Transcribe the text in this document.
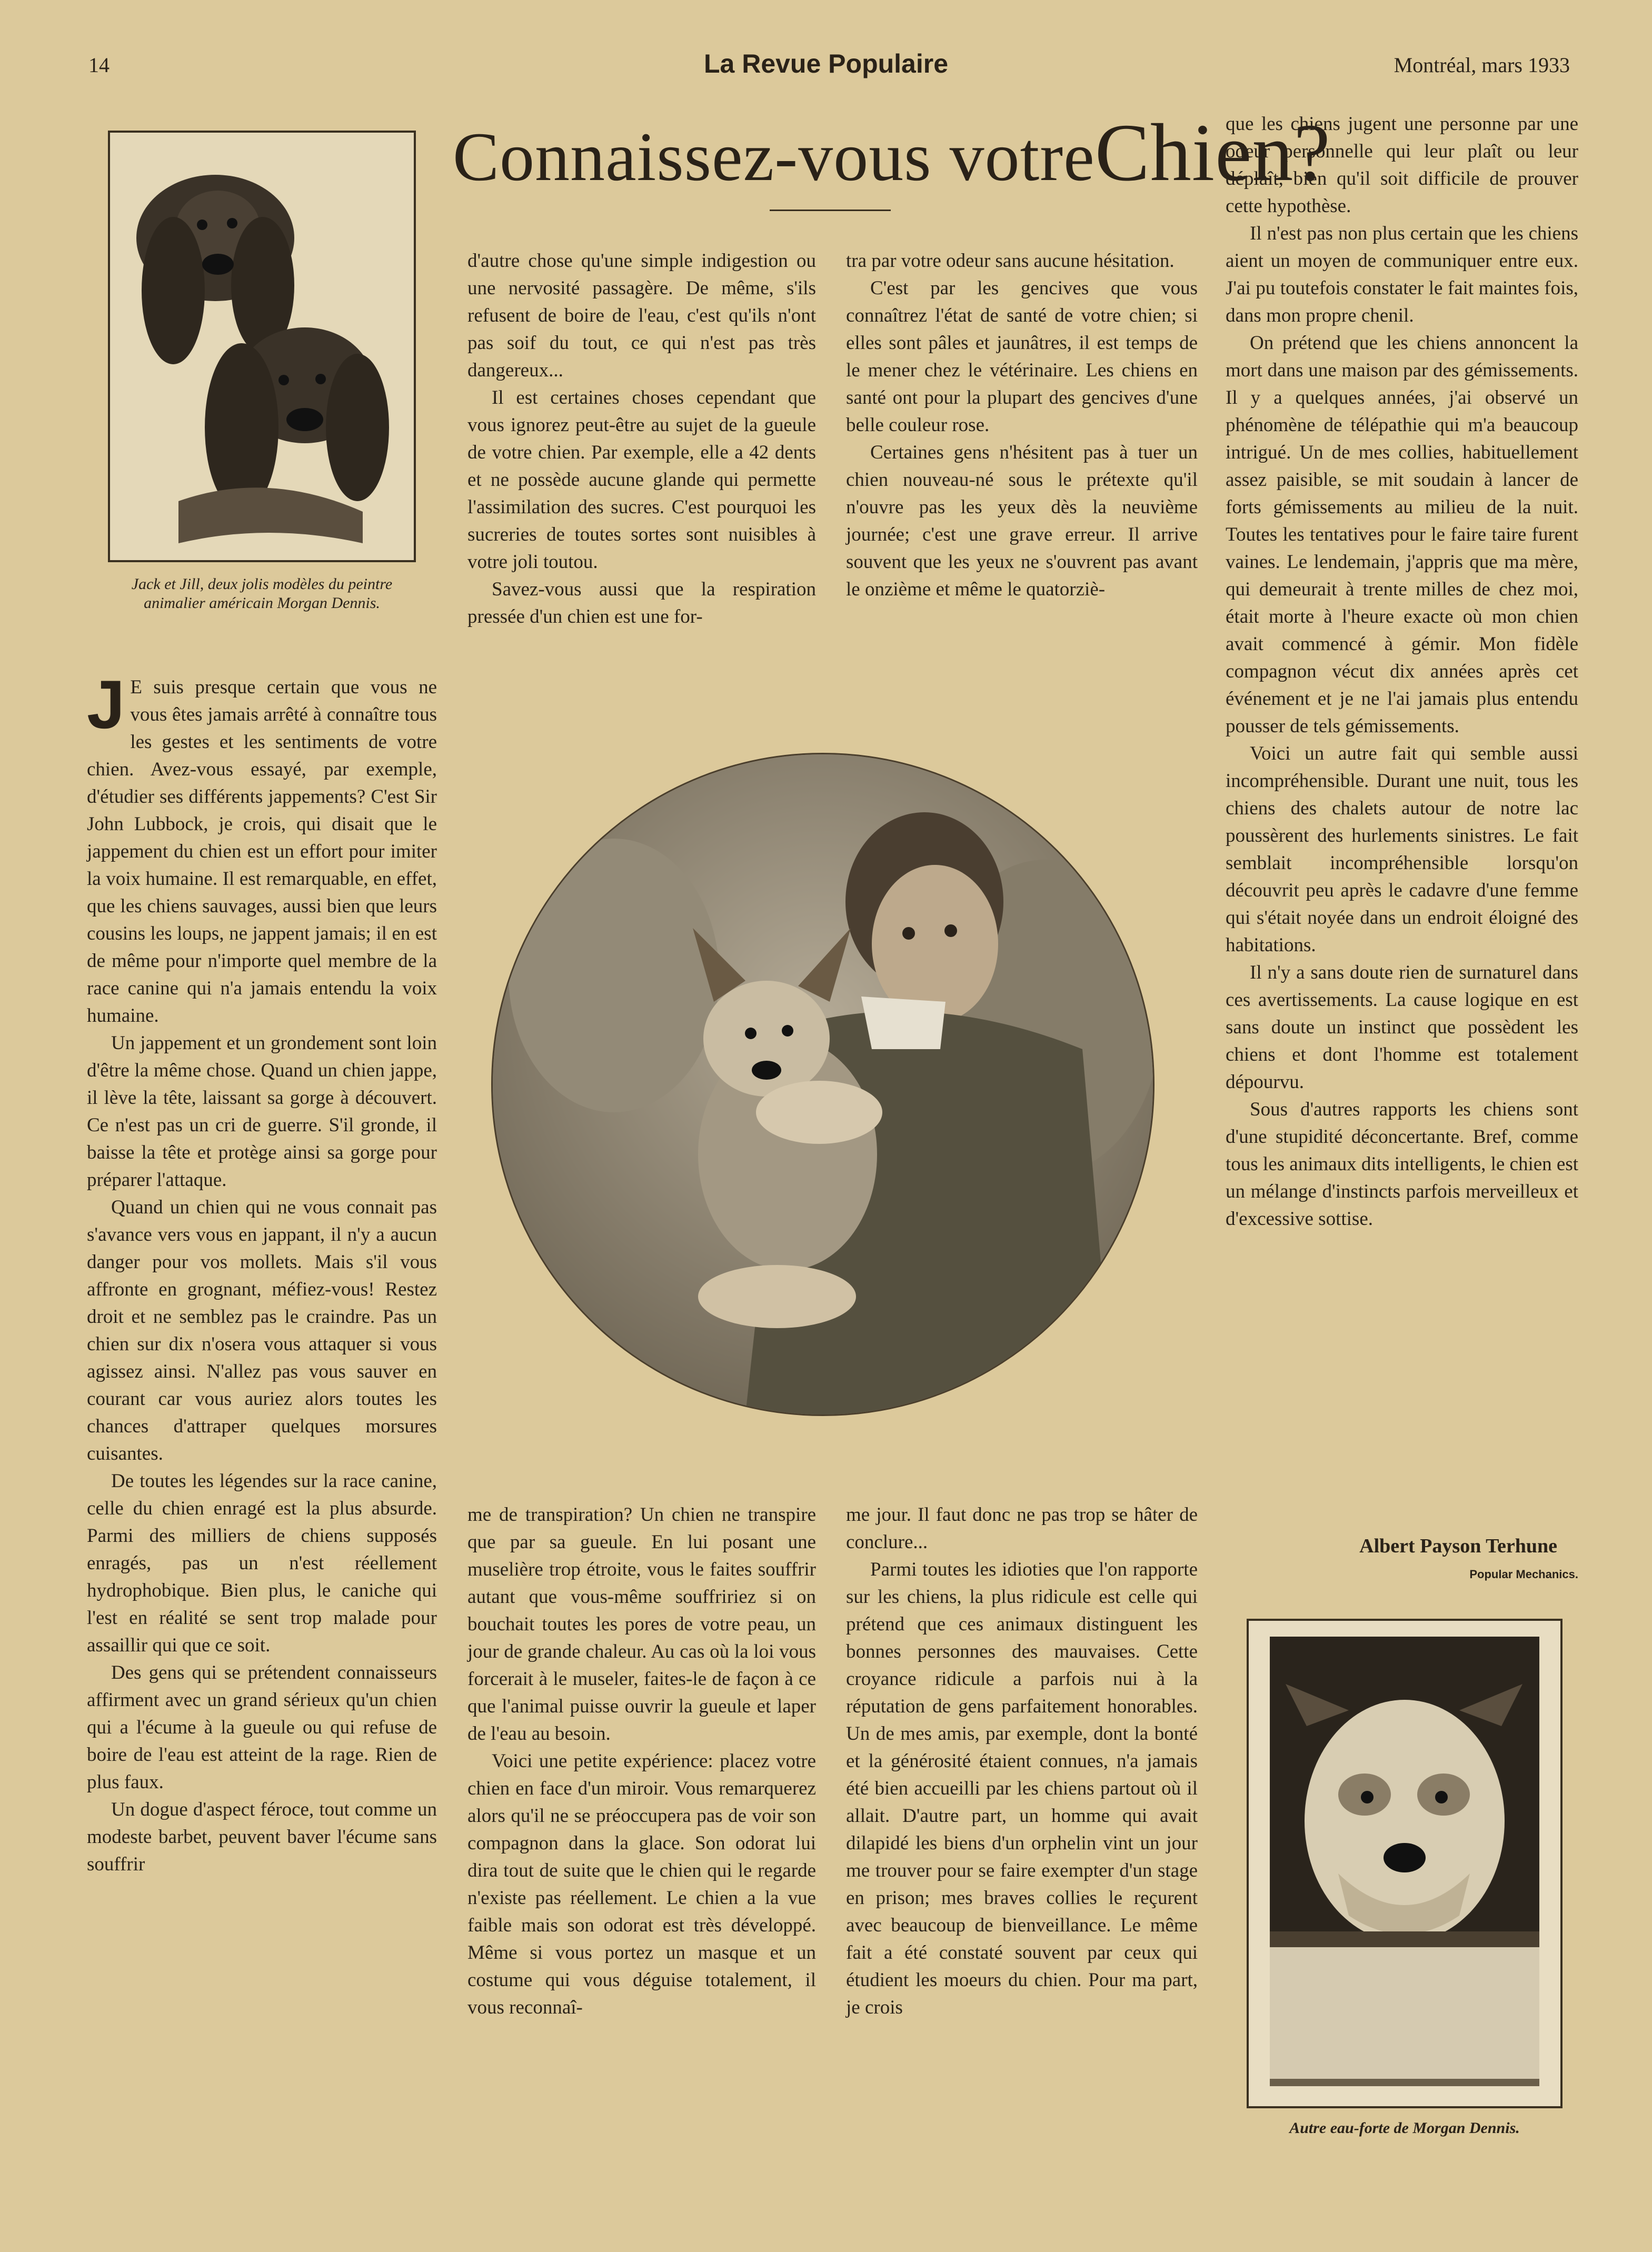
14	La Revue Populaire	Montréal, mars 1933
Connaissez-vous votreChien?
Jack et Jill, deux jolis modèles du peintre animalier américain Morgan Dennis.

J E suis presque certain que vous ne vous êtes jamais arrêté à connaître tous les gestes et les sentiments de votre chien. Avez-vous essayé, par exemple, d'étudier ses différents jappements? C'est Sir John Lubbock, je crois, qui disait que le jappement du chien est un effort pour imiter la voix humaine. Il est remarquable, en effet, que les chiens sauvages, aussi bien que leurs cousins les loups, ne jappent jamais; il en est de même pour n'importe quel membre de la race canine qui n'a jamais entendu la voix humaine.

Un jappement et un grondement sont loin d'être la même chose. Quand un chien jappe, il lève la tête, laissant sa gorge à découvert. Ce n'est pas un cri de guerre. S'il gronde, il baisse la tête et protège ainsi sa gorge pour préparer l'attaque.

Quand un chien qui ne vous connait pas s'avance vers vous en jappant, il n'y a aucun danger pour vos mollets. Mais s'il vous affronte en grognant, méfiez-vous! Restez droit et ne semblez pas le craindre. Pas un chien sur dix n'osera vous attaquer si vous agissez ainsi. N'allez pas vous sauver en courant car vous auriez alors toutes les chances d'attraper quelques morsures cuisantes.

De toutes les légendes sur la race canine, celle du chien enragé est la plus absurde. Parmi des milliers de chiens supposés enragés, pas un n'est réellement hydrophobique. Bien plus, le caniche qui l'est en réalité se sent trop malade pour assaillir qui que ce soit.

Des gens qui se prétendent connaisseurs affirment avec un grand sérieux qu'un chien qui a l'écume à la gueule ou qui refuse de boire de l'eau est atteint de la rage. Rien de plus faux.

Un dogue d'aspect féroce, tout comme un modeste barbet, peuvent baver l'écume sans souffrir

d'autre chose qu'une simple indigestion ou une nervosité passagère. De même, s'ils refusent de boire de l'eau, c'est qu'ils n'ont pas soif du tout, ce qui n'est pas très dangereux...

Il est certaines choses cependant que vous ignorez peut-être au sujet de la gueule de votre chien. Par exemple, elle a 42 dents et ne possède aucune glande qui permette l'assimilation des sucres. C'est pourquoi les sucreries de toutes sortes sont nuisibles à votre joli toutou.

Savez-vous aussi que la respiration pressée d'un chien est une for-

tra par votre odeur sans aucune hésitation.

C'est par les gencives que vous connaîtrez l'état de santé de votre chien; si elles sont pâles et jaunâtres, il est temps de le mener chez le vétérinaire. Les chiens en santé ont pour la plupart des gencives d'une belle couleur rose.

Certaines gens n'hésitent pas à tuer un chien nouveau-né sous le prétexte qu'il n'ouvre pas les yeux dès la neuvième journée; c'est une grave erreur. Il arrive souvent que les yeux ne s'ouvrent pas avant le onzième et même le quatorziè-

me de transpiration? Un chien ne transpire que par sa gueule. En lui posant une muselière trop étroite, vous le faites souffrir autant que vous-même souffririez si on bouchait toutes les pores de votre peau, un jour de grande chaleur. Au cas où la loi vous forcerait à le museler, faites-le de façon à ce que l'animal puisse ouvrir la gueule et laper de l'eau au besoin.

Voici une petite expérience: placez votre chien en face d'un miroir. Vous remarquerez alors qu'il ne se préoccupera pas de voir son compagnon dans la glace. Son odorat lui dira tout de suite que le chien qui le regarde n'existe pas réellement. Le chien a la vue faible mais son odorat est très développé. Même si vous portez un masque et un costume qui vous déguise totalement, il vous reconnaî-

me jour. Il faut donc ne pas trop se hâter de conclure...

Parmi toutes les idioties que l'on rapporte sur les chiens, la plus ridicule est celle qui prétend que ces animaux distinguent les bonnes personnes des mauvaises. Cette croyance ridicule a parfois nui à la réputation de gens parfaitement honorables. Un de mes amis, par exemple, dont la bonté et la générosité étaient connues, n'a jamais été bien accueilli par les chiens partout où il allait. D'autre part, un homme qui avait dilapidé les biens d'un orphelin vint un jour me trouver pour se faire exempter d'un stage en prison; mes braves collies le reçurent avec beaucoup de bienveillance. Le même fait a été constaté souvent par ceux qui étudient les moeurs du chien. Pour ma part, je crois

que les chiens jugent une personne par une odeur personnelle qui leur plaît ou leur déplaît, bien qu'il soit difficile de prouver cette hypothèse.

Il n'est pas non plus certain que les chiens aient un moyen de communiquer entre eux. J'ai pu toutefois constater le fait maintes fois, dans mon propre chenil.

On prétend que les chiens annoncent la mort dans une maison par des gémissements. Il y a quelques années, j'ai observé un phénomène de télépathie qui m'a beaucoup intrigué. Un de mes collies, habituellement assez paisible, se mit soudain à lancer de forts gémissements au milieu de la nuit. Toutes les tentatives pour le faire taire furent vaines. Le lendemain, j'appris que ma mère, qui demeurait à trente milles de chez moi, était morte à l'heure exacte où mon chien avait commencé à gémir. Mon fidèle compagnon vécut dix années après cet événement et je ne l'ai jamais plus entendu pousser de tels gémissements.

Voici un autre fait qui semble aussi incompréhensible. Durant une nuit, tous les chiens des chalets autour de notre lac poussèrent des hurlements sinistres. Le fait semblait incompréhensible lorsqu'on découvrit peu après le cadavre d'une femme qui s'était noyée dans un endroit éloigné des habitations.

Il n'y a sans doute rien de surnaturel dans ces avertissements. La cause logique en est sans doute un instinct que possèdent les chiens et dont l'homme est totalement dépourvu.

Sous d'autres rapports les chiens sont d'une stupidité déconcertante. Bref, comme tous les animaux dits intelligents, le chien est un mélange d'instincts parfois merveilleux et d'excessive sottise.

Albert Payson Terhune
Popular Mechanics.
Autre eau-forte de Morgan Dennis.
